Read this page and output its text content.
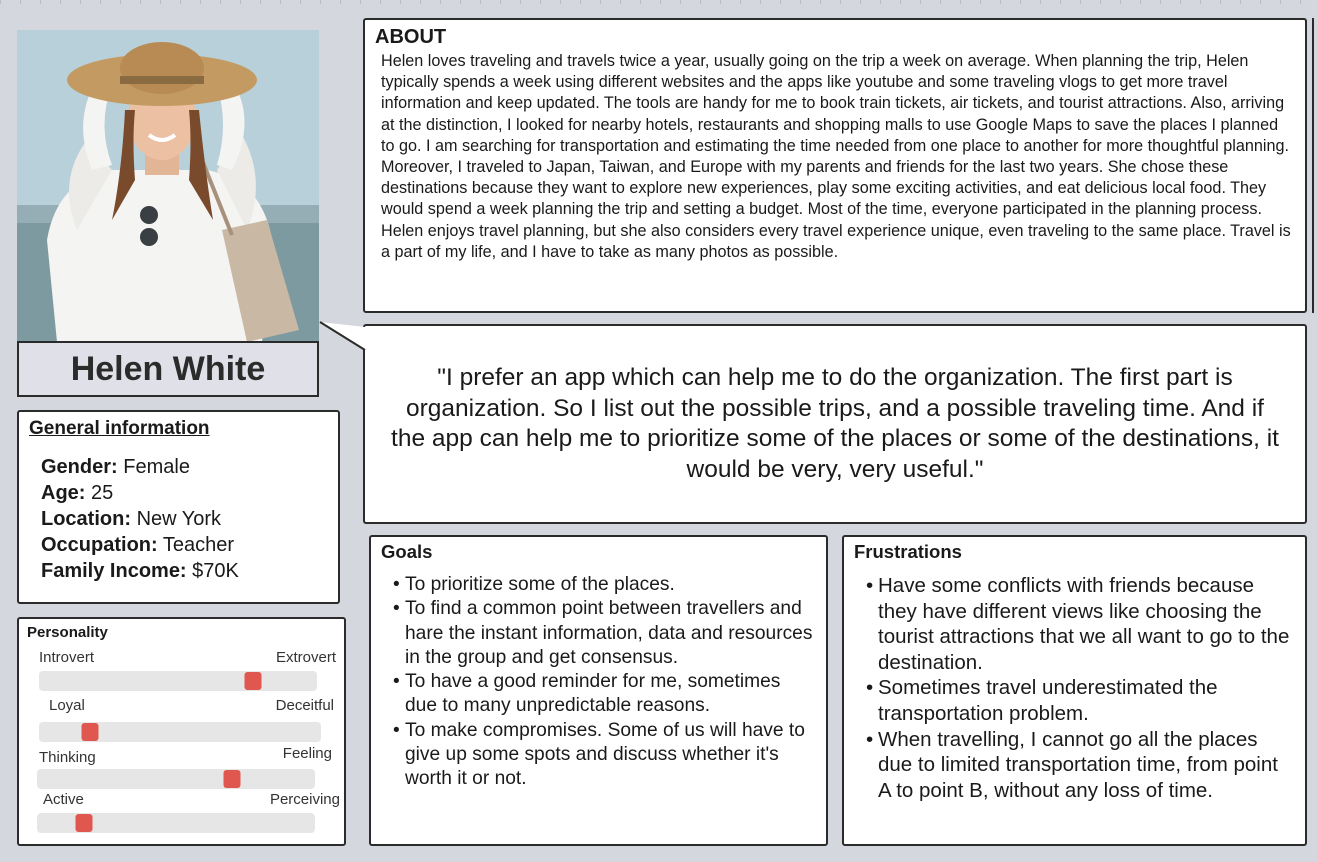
Helen White
ABOUT

Helen loves traveling and travels twice a year, usually going on the trip a week on average. When planning the trip, Helen typically spends a week using different websites and the apps like youtube and some traveling vlogs to get more travel information and keep updated. The tools are handy for me to book train tickets, air tickets, and tourist attractions. Also, arriving at the distinction, I looked for nearby hotels, restaurants and shopping malls to use Google Maps to save the places I planned to go. I am searching for transportation and estimating the time needed from one place to another for more thoughtful planning. Moreover, I traveled to Japan, Taiwan, and Europe with my parents and friends for the last two years. She chose these destinations because they want to explore new experiences, play some exciting activities, and eat delicious local food. They would spend a week planning the trip and setting a budget. Most of the time, everyone participated in the planning process. Helen enjoys travel planning, but she also considers every travel experience unique, even traveling to the same place. Travel is a part of my life, and I have to take as many photos as possible.

"I prefer an app which can help me to do the organization. The first part is organization. So I list out the possible trips, and a possible traveling time. And if the app can help me to prioritize some of the places or some of the destinations, it would be very, very useful."

General information
Gender: Female
Age: 25
Location: New York
Occupation: Teacher
Family Income: $70K
Personality
Introvert	Extrovert
Loyal	Deceitful
Thinking	Feeling
Active	Perceiving
Goals
• To prioritize some of the places.
• To find a common point between travellers and hare the instant information, data and resources in the group and get consensus.
• To have a good reminder for me, sometimes due to many unpredictable reasons.
• To make compromises. Some of us will have to give up some spots and discuss whether it's worth it or not.
Frustrations
• Have some conflicts with friends because they have different views like choosing the tourist attractions that we all want to go to the destination.
• Sometimes travel underestimated the transportation problem.
• When travelling, I cannot go all the places due to limited transportation time, from point A to point B, without any loss of time.
